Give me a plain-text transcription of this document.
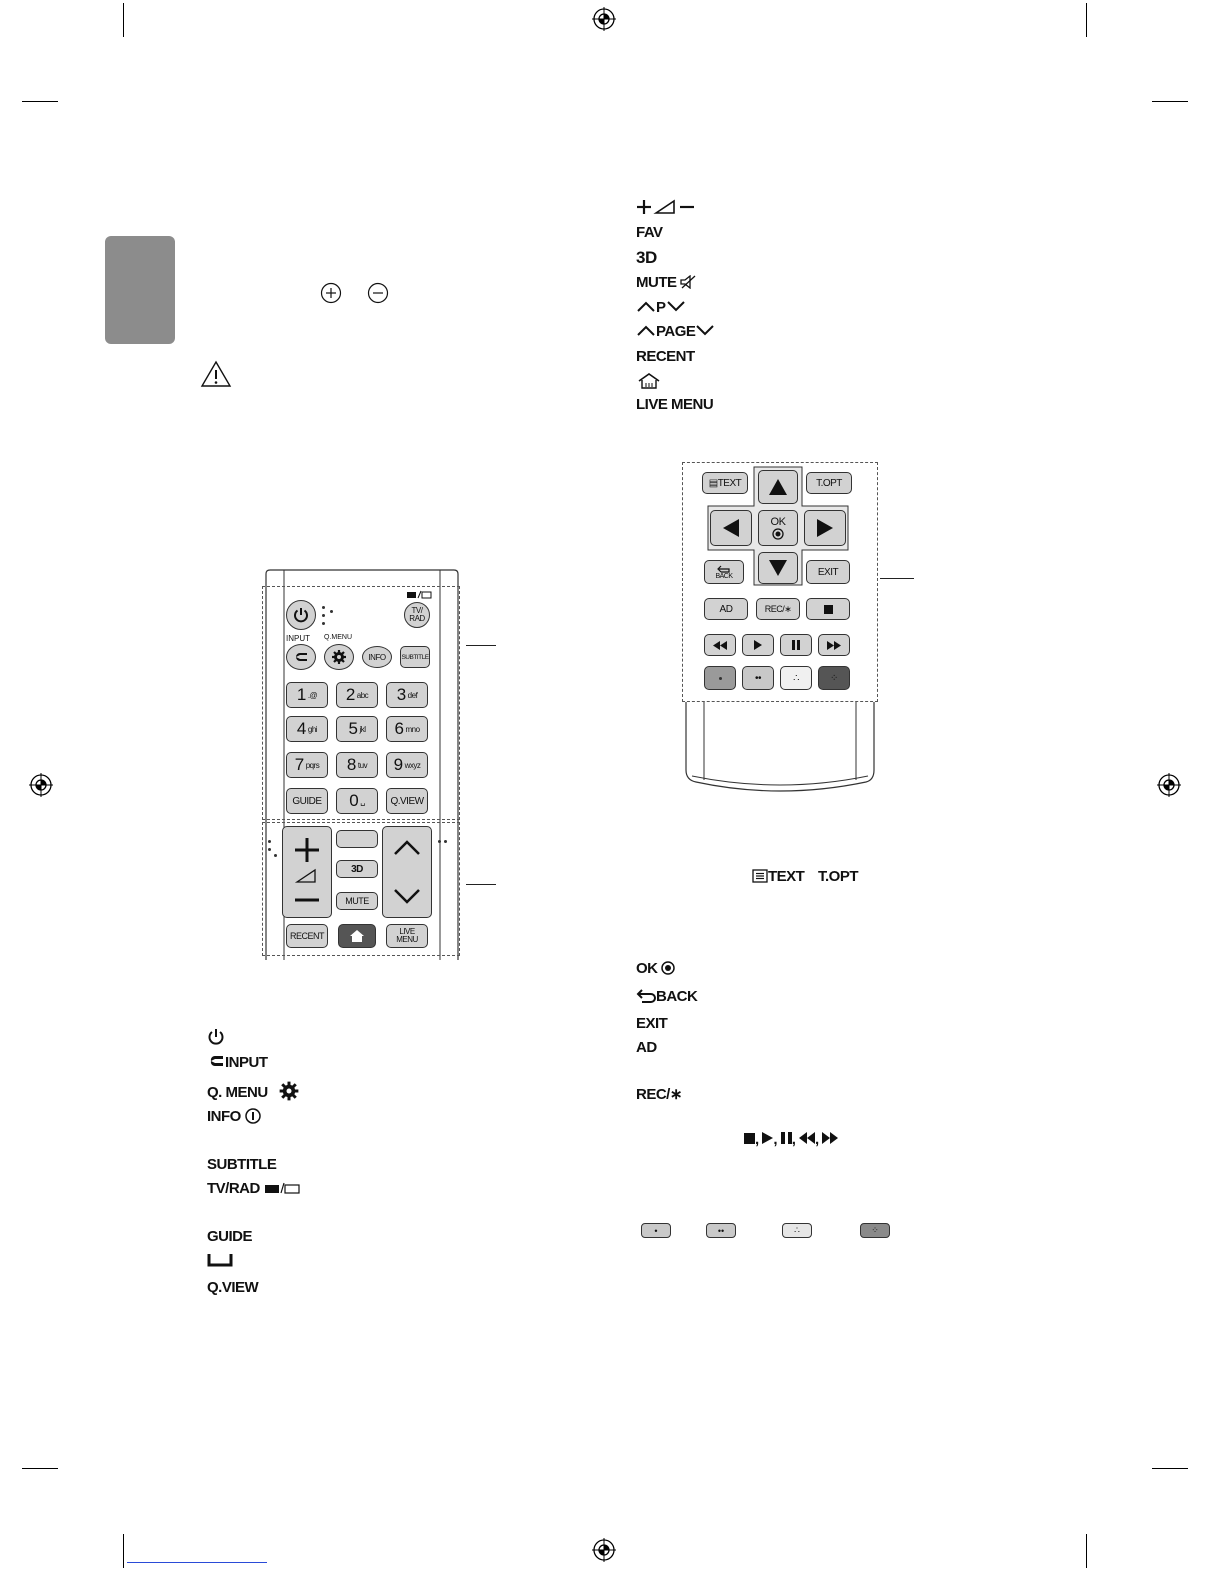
TV/
RAD
INPUT Q.MENU
INFO SUBTITLE
1 .@ 2 abc 3 def
4 ghi 5 jkl 6 mno
7 pqrs 8 tuv 9 wxyz
GUIDE	0 ␣	Q.VIEW
3D
MUTE
RECENT	LIVE
MENU
▤ TEXT	T.OPT
OK
BACK	EXIT
AD	REC/∗
••	∴	⁘
INPUT
Q. MENU
INFO
SUBTITLE
TV/RAD
GUIDE
Q.VIEW
FAV
3D
MUTE
P
PAGE
RECENT
LIVE MENU
TEXT T.OPT
OK
BACK
EXIT
AD
REC/∗
, , , ,
•	••	∴	⁘
